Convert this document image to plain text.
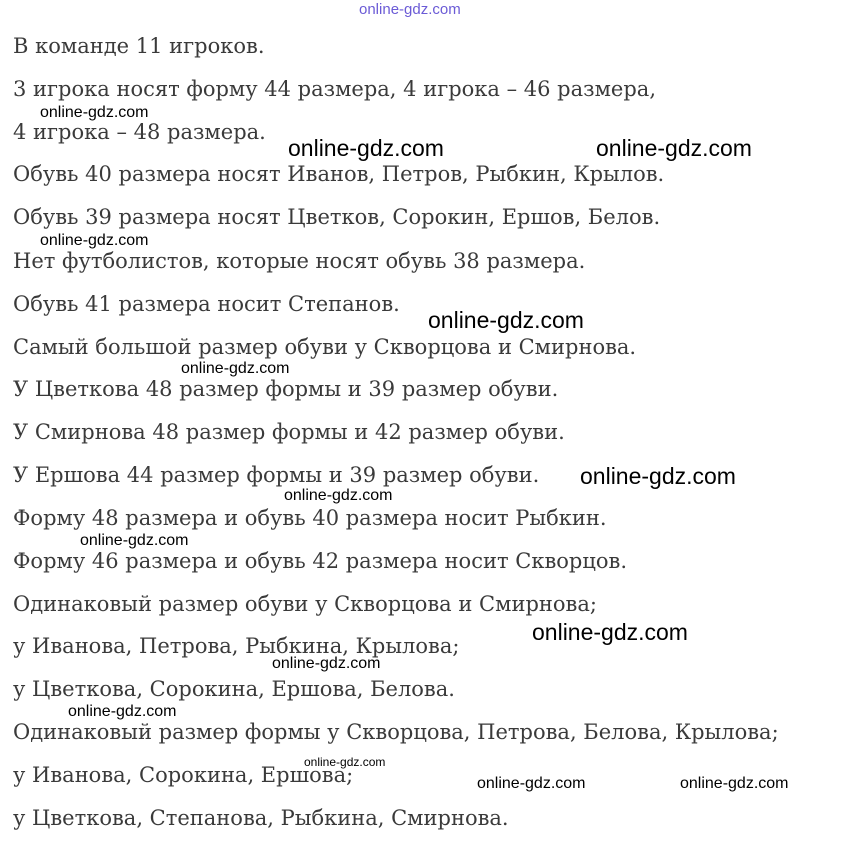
online-gdz.com
В команде 11 игроков.
3 игрока носят форму 44 размера, 4 игрока – 46 размера,
4 игрока – 48 размера.
Обувь 40 размера носят Иванов, Петров, Рыбкин, Крылов.
Обувь 39 размера носят Цветков, Сорокин, Ершов, Белов.
Нет футболистов, которые носят обувь 38 размера.
Обувь 41 размера носит Степанов.
Самый большой размер обуви у Скворцова и Смирнова.
У Цветкова 48 размер формы и 39 размер обуви.
У Смирнова 48 размер формы и 42 размер обуви.
У Ершова 44 размер формы и 39 размер обуви.
Форму 48 размера и обувь 40 размера носит Рыбкин.
Форму 46 размера и обувь 42 размера носит Скворцов.
Одинаковый размер обуви у Скворцова и Смирнова;
у Иванова, Петрова, Рыбкина, Крылова;
у Цветкова, Сорокина, Ершова, Белова.
Одинаковый размер формы у Скворцова, Петрова, Белова, Крылова;
у Иванова, Сорокина, Ершова;
у Цветкова, Степанова, Рыбкина, Смирнова.
online-gdz.com
online-gdz.com	online-gdz.com
online-gdz.com
online-gdz.com
online-gdz.com
online-gdz.com
online-gdz.com
online-gdz.com
online-gdz.com
online-gdz.com
online-gdz.com
online-gdz.com
online-gdz.com	online-gdz.com
